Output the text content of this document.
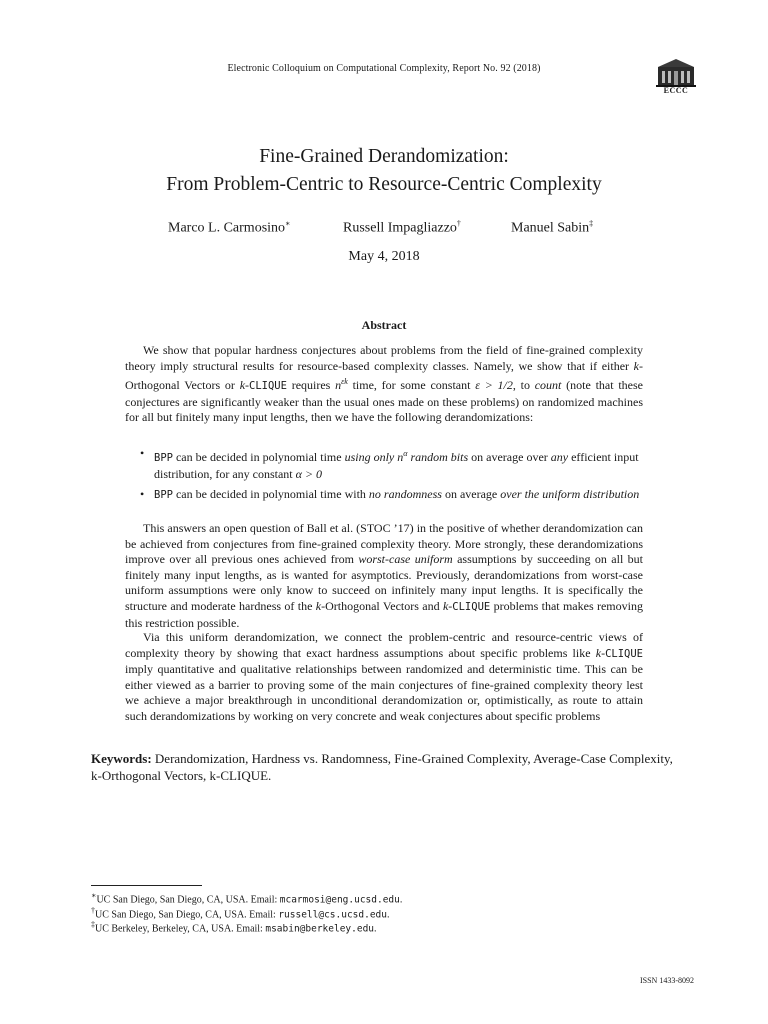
Electronic Colloquium on Computational Complexity, Report No. 92 (2018)
ECCC
Fine-Grained Derandomization:
From Problem-Centric to Resource-Centric Complexity
Marco L. Carmosino∗	Russell Impagliazzo†	Manuel Sabin‡
May 4, 2018
Abstract
We show that popular hardness conjectures about problems from the field of fine-grained complexity theory imply structural results for resource-based complexity classes. Namely, we show that if either k-Orthogonal Vectors or k-CLIQUE requires $n^{\varepsilon k}$ time, for some constant ε > 1/2, to count (note that these conjectures are significantly weaker than the usual ones made on these problems) on randomized machines for all but finitely many input lengths, then we have the following derandomizations:
• BPP can be decided in polynomial time using only $n^\alpha$ random bits on average over any efficient input distribution, for any constant α > 0
• BPP can be decided in polynomial time with no randomness on average over the uniform distribution
This answers an open question of Ball et al. (STOC ’17) in the positive of whether derandomization can be achieved from conjectures from fine-grained complexity theory. More strongly, these derandomizations improve over all previous ones achieved from worst-case uniform assumptions by succeeding on all but finitely many input lengths, as is wanted for asymptotics. Previously, derandomizations from worst-case uniform assumptions were only know to succeed on infinitely many input lengths. It is specifically the structure and moderate hardness of the k-Orthogonal Vectors and k-CLIQUE problems that makes removing this restriction possible.
Via this uniform derandomization, we connect the problem-centric and resource-centric views of complexity theory by showing that exact hardness assumptions about specific problems like k-CLIQUE imply quantitative and qualitative relationships between randomized and deterministic time. This can be either viewed as a barrier to proving some of the main conjectures of fine-grained complexity theory lest we achieve a major breakthrough in unconditional derandomization or, optimistically, as route to attain such derandomizations by working on very concrete and weak conjectures about specific problems
Keywords: Derandomization, Hardness vs. Randomness, Fine-Grained Complexity, Average-Case Complexity, k-Orthogonal Vectors, k-CLIQUE.
∗UC San Diego, San Diego, CA, USA. Email: mcarmosi@eng.ucsd.edu.
†UC San Diego, San Diego, CA, USA. Email: russell@cs.ucsd.edu.
‡UC Berkeley, Berkeley, CA, USA. Email: msabin@berkeley.edu.
ISSN 1433-8092
